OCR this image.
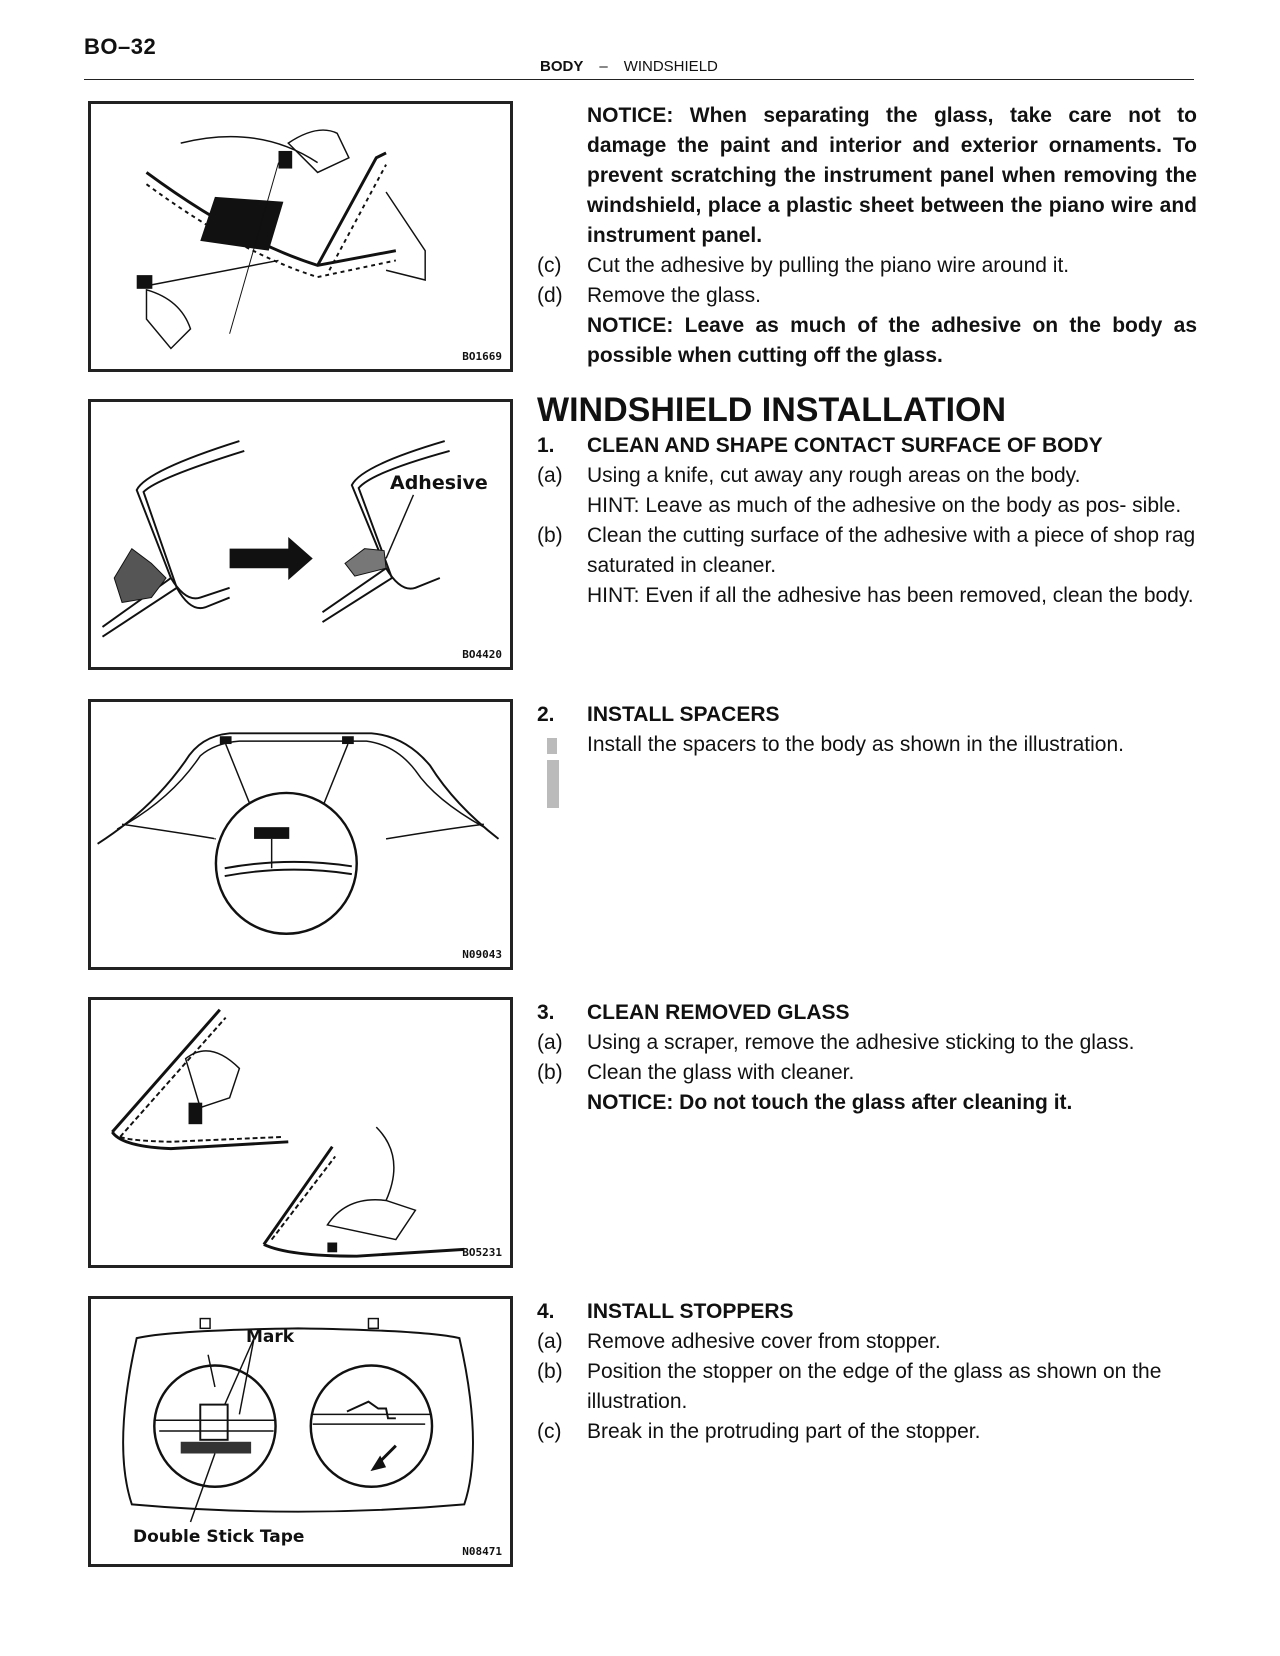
BO–32
BODY – WINDSHIELD
BO1669
Adhesive
BO4420
N09043
BO5231
Mark
Double Stick Tape
N08471
NOTICE: When separating the glass, take care not to damage the paint and interior and exterior ornaments. To prevent scratching the instrument panel when removing the windshield, place a plastic sheet between the piano wire and instrument panel.
(c) Cut the adhesive by pulling the piano wire around it.
(d) Remove the glass.
NOTICE: Leave as much of the adhesive on the body as possible when cutting off the glass.
WINDSHIELD INSTALLATION
1. CLEAN AND SHAPE CONTACT SURFACE OF BODY
(a) Using a knife, cut away any rough areas on the body.
HINT: Leave as much of the adhesive on the body as pos- sible.
(b) Clean the cutting surface of the adhesive with a piece of shop rag saturated in cleaner.
HINT: Even if all the adhesive has been removed, clean the body.
2. INSTALL SPACERS
Install the spacers to the body as shown in the illustration.
3. CLEAN REMOVED GLASS
(a) Using a scraper, remove the adhesive sticking to the glass.
(b) Clean the glass with cleaner.
NOTICE: Do not touch the glass after cleaning it.
4. INSTALL STOPPERS
(a) Remove adhesive cover from stopper.
(b) Position the stopper on the edge of the glass as shown on the illustration.
(c) Break in the protruding part of the stopper.
